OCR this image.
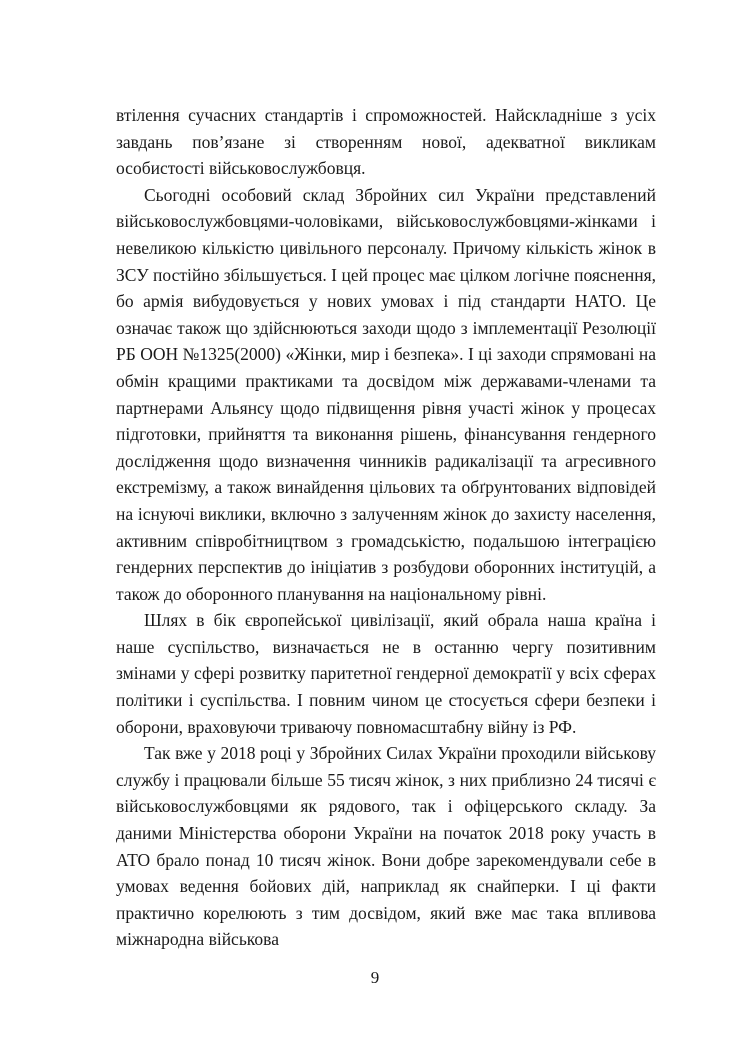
втілення сучасних стандартів і спроможностей. Найскладніше з усіх завдань пов’язане зі створенням нової, адекватної викликам особистості військовослужбовця.

Сьогодні особовий склад Збройних сил України представлений військовослужбовцями-чоловіками, військовослужбовцями-жінками і невеликою кількістю цивільного персоналу. Причому кількість жінок в ЗСУ постійно збільшується. І цей процес має цілком логічне пояснення, бо армія вибудовується у нових умовах і під стандарти НАТО. Це означає також що здійснюються заходи щодо з імплементації Резолюції РБ ООН №1325(2000) «Жінки, мир і безпека». І ці заходи спрямовані на обмін кращими практиками та досвідом між державами-членами та партнерами Альянсу щодо підвищення рівня участі жінок у процесах підготовки, прийняття та виконання рішень, фінансування гендерного дослідження щодо визначення чинників радикалізації та агресивного екстремізму, а також винайдення цільових та обґрунтованих відповідей на існуючі виклики, включно з залученням жінок до захисту населення, активним співробітництвом з громадськістю, подальшою інтеграцією гендерних перспектив до ініціатив з розбудови оборонних інституцій, а також до оборонного планування на національному рівні.

Шлях в бік європейської цивілізації, який обрала наша країна і наше суспільство, визначається не в останню чергу позитивним змінами у сфері розвитку паритетної гендерної демократії у всіх сферах політики і суспільства. І повним чином це стосується сфери безпеки і оборони, враховуючи триваючу повномасштабну війну із РФ.

Так вже у 2018 році у Збройних Силах України проходили військову службу і працювали більше 55 тисяч жінок, з них приблизно 24 тисячі є військовослужбовцями як рядового, так і офіцерського складу. За даними Міністерства оборони України на початок 2018 року участь в АТО брало понад 10 тисяч жінок. Вони добре зарекомендували себе в умовах ведення бойових дій, наприклад як снайперки. І ці факти практично корелюють з тим досвідом, який вже має така впливова міжнародна військова

9
